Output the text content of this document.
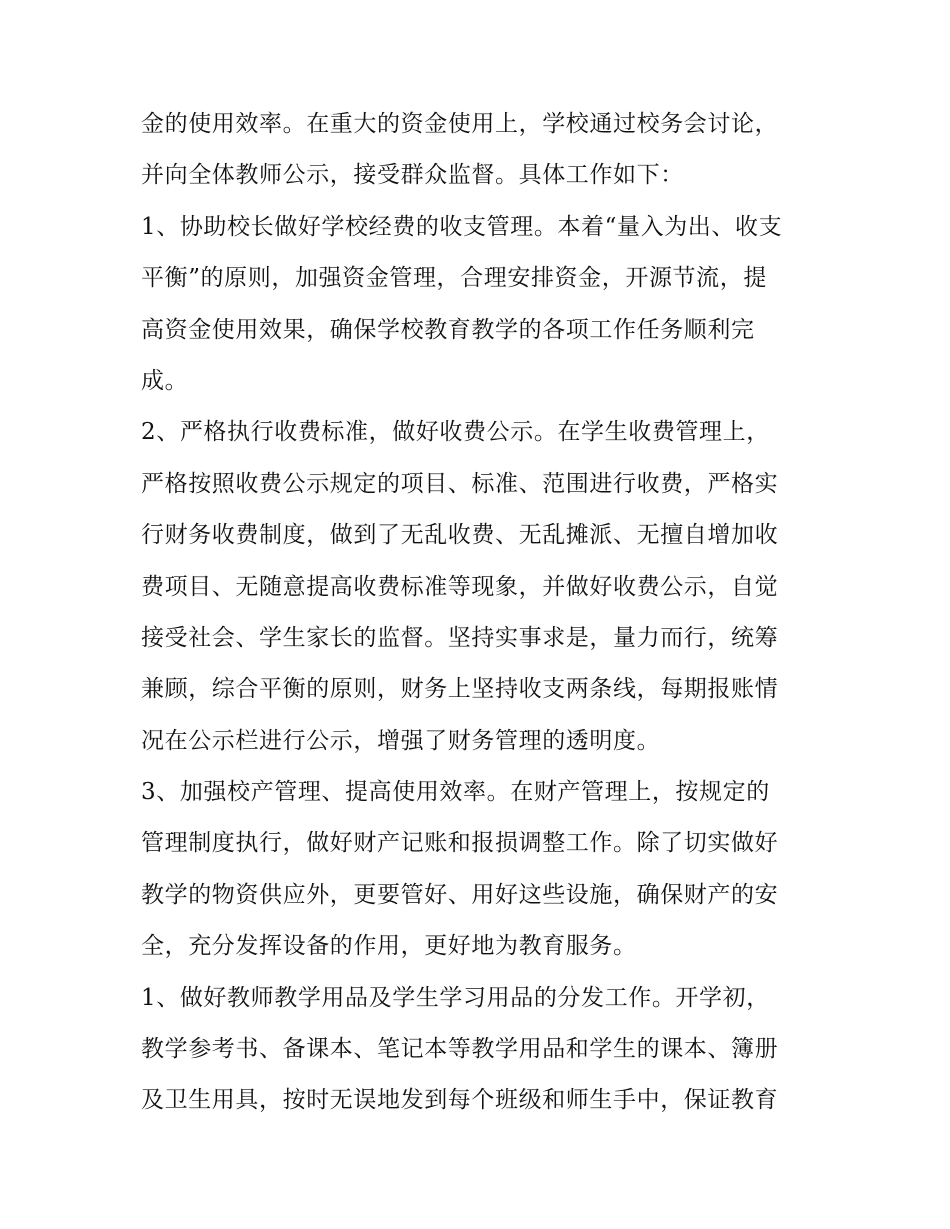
金的使用效率。在重大的资金使用上，学校通过校务会讨论，
并向全体教师公示，接受群众监督。具体工作如下：
1、协助校长做好学校经费的收支管理。本着“量入为出、收支
平衡”的原则，加强资金管理，合理安排资金，开源节流，提
高资金使用效果，确保学校教育教学的各项工作任务顺利完
成。
2、严格执行收费标准，做好收费公示。在学生收费管理上，
严格按照收费公示规定的项目、标准、范围进行收费，严格实
行财务收费制度，做到了无乱收费、无乱摊派、无擅自增加收
费项目、无随意提高收费标准等现象，并做好收费公示，自觉
接受社会、学生家长的监督。坚持实事求是，量力而行，统筹
兼顾，综合平衡的原则，财务上坚持收支两条线，每期报账情
况在公示栏进行公示，增强了财务管理的透明度。
3、加强校产管理、提高使用效率。在财产管理上，按规定的
管理制度执行，做好财产记账和报损调整工作。除了切实做好
教学的物资供应外，更要管好、用好这些设施，确保财产的安
全，充分发挥设备的作用，更好地为教育服务。
1、做好教师教学用品及学生学习用品的分发工作。开学初，
教学参考书、备课本、笔记本等教学用品和学生的课本、簿册
及卫生用具，按时无误地发到每个班级和师生手中，保证教育
